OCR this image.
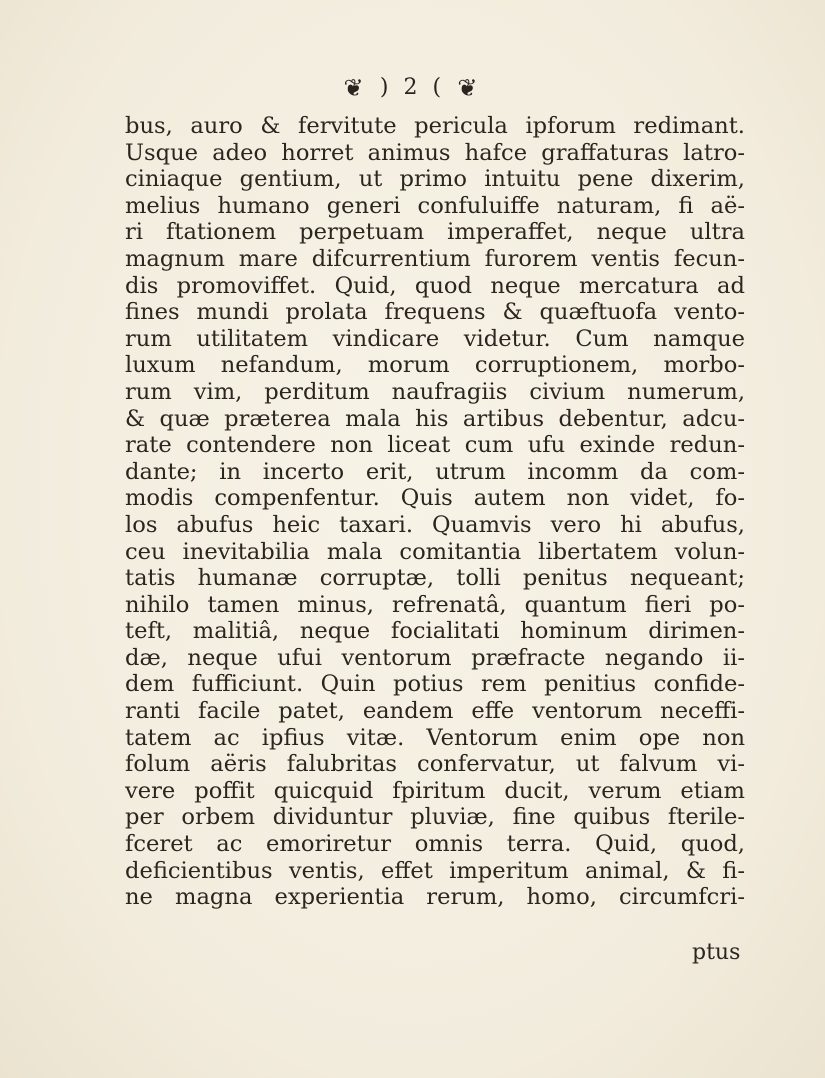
❦ ) 2 ( ❦
bus, auro & fervitute pericula ipforum redimant.
Usque adeo horret animus hafce graffaturas latro-
ciniaque gentium, ut primo intuitu pene dixerim,
melius humano generi confuluiffe naturam, fi aë-
ri ftationem perpetuam imperaffet, neque ultra
magnum mare difcurrentium furorem ventis fecun-
dis promoviffet. Quid, quod neque mercatura ad
fines mundi prolata frequens & quæftuofa vento-
rum utilitatem vindicare videtur. Cum namque
luxum nefandum, morum corruptionem, morbo-
rum vim, perditum naufragiis civium numerum,
& quæ præterea mala his artibus debentur, adcu-
rate contendere non liceat cum ufu exinde redun-
dante; in incerto erit, utrum incomm da com-
modis compenfentur. Quis autem non videt, fo-
los abufus heic taxari. Quamvis vero hi abufus,
ceu inevitabilia mala comitantia libertatem volun-
tatis humanæ corruptæ, tolli penitus nequeant;
nihilo tamen minus, refrenatâ, quantum fieri po-
teft, malitiâ, neque focialitati hominum dirimen-
dæ, neque ufui ventorum præfracte negando ii-
dem fufficiunt. Quin potius rem penitius confide-
ranti facile patet, eandem effe ventorum neceffi-
tatem ac ipfius vitæ. Ventorum enim ope non
folum aëris falubritas confervatur, ut falvum vi-
vere poffit quicquid fpiritum ducit, verum etiam
per orbem dividuntur pluviæ, fine quibus fterile-
fceret ac emoriretur omnis terra. Quid, quod,
deficientibus ventis, effet imperitum animal, & fi-
ne magna experientia rerum, homo, circumfcri-
ptus
